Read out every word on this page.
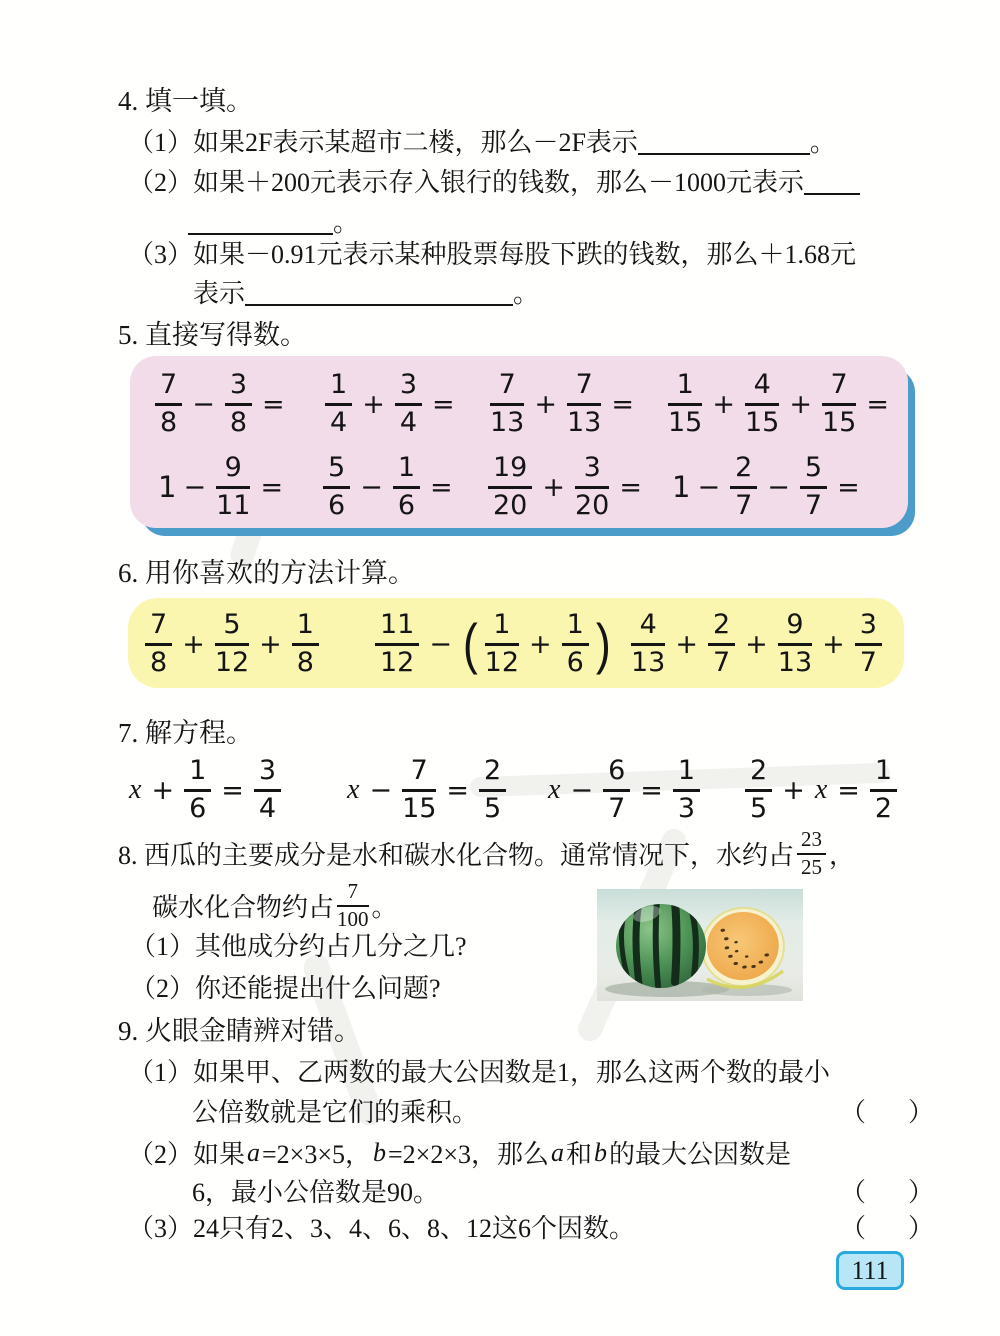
4. 填一填。
（1）如果2F表示某超市二楼，那么－2F表示	。
（2）如果＋200元表示存入银行的钱数，那么－1000元表示
。
（3）如果－0.91元表示某种股票每股下跌的钱数，那么＋1.68元
表示	。
5. 直接写得数。
$\frac{7}{8} - \frac{3}{8} = \frac{1}{4} + \frac{3}{4} = \frac{7}{13} + \frac{7}{13} = \frac{1}{15} + \frac{4}{15} + \frac{7}{15}$ =
$1 - \frac{9}{11} = \frac{5}{6} - \frac{1}{6} = \frac{19}{20} + \frac{3}{20} = 1 - \frac{2}{7} - \frac{5}{7}$ =
6. 用你喜欢的方法计算。
$\frac{7}{8} + \frac{5}{12} + \frac{1}{8} \frac{11}{12}$ − ( $\frac{1}{12} + \frac{1}{6}$ ) $\frac{4}{13} + \frac{2}{7} + \frac{9}{13} + \frac{3}{7}$
7. 解方程。
$x + \frac{1}{6} = \frac{3}{4}$ $x - \frac{7}{15} = \frac{2}{5}$ $x - \frac{6}{7} = \frac{1}{3} \frac{2}{5} + x = \frac{1}{2}$
8. 西瓜的主要成分是水和碳水化合物。通常情况下，水约占 $\frac{23}{25}$ ，
碳水化合物约占 $\frac{7}{100}$ 。
（1）其他成分约占几分之几?
（2）你还能提出什么问题?
9. 火眼金睛辨对错。
（1）如果甲、乙两数的最大公因数是1，那么这两个数的最小
公倍数就是它们的乘积。	（　）
（2）如果 a =2×3×5， b =2×2×3，那么 a 和 b 的最大公因数是
6，最小公倍数是90。	（　）
（3）24只有2、3、4、6、8、12这6个因数。	（　）
111
